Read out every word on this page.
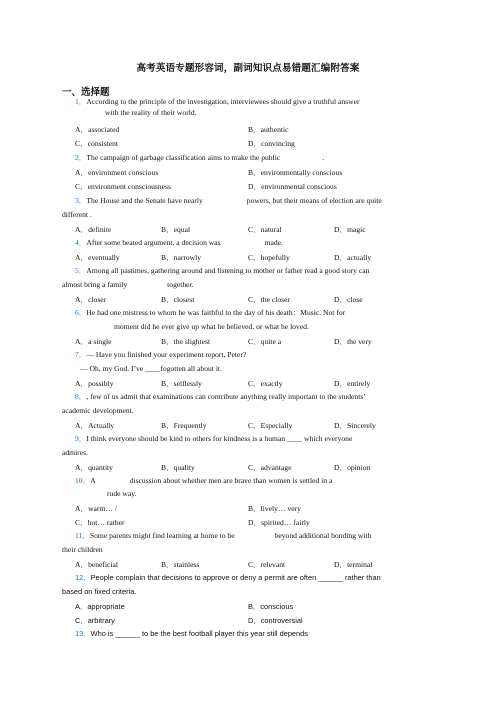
高考英语专题形容词，副词知识点易错题汇编附答案
一、选择题
1．According to the principle of the investigation, interviewees should give a truthful answer
with the reality of their world.
A．associated	B．authentic
C．consistent	D．convincing
2．The campaign of garbage classification aims to make the public	.
A．environment conscious	B．environmentally conscious
C．environment consciousness	D．environmental conscious
3．The House and the Senate have nearly	powers, but their means of election are quite
different .
A．definite	B．equal	C．natural	D．magic
4．After some heated argument, a decision was	made.
A．eventually	B．narrowly	C．hopefully	D．actually
5．Among all pastimes, gathering around and listening to mother or father read a good story can
almost bring a family	together.
A．closer	B．closest	C．the closer	D．close
6．He had one mistress to whom he was faithful to the day of his death：Music. Not for
moment did he ever give up what he believed, or what he loved.
A．a single	B．the slightest	C．quite a	D．the very
7．— Have you finished your experiment report, Peter?
— Oh, my God. I’ve ____fogotten all about it.
A．possibly	B．selflessly	C．exactly	D．entirely
8．, few of us admit that examinations can contribute anything really important to the students’
academic development.
A．Actually	B．Frequently	C．Especially	D．Sincerely
9．I think everyone should be kind to others for kindness is a human ____ which everyone
admires.
A．quantity	B．quality	C．advantage	D．opinion
10．A	discussion about whether men are brave than women is settled in a
rude way.
A．warm… /	B．lively… very
C．hot… rather	D．spirited… fairly
11．Some parents might find learning at home to be	beyond additional bonding with
their children
A．beneficial	B．stainless	C．relevant	D．terminal
12．People complain that decisions to approve or deny a permit are often ______ rather than
based on fixed criteria.
A．appropriate	B．conscious
C．arbitrary	D．controversial
13．Who is ______ to be the best football player this year still depends
